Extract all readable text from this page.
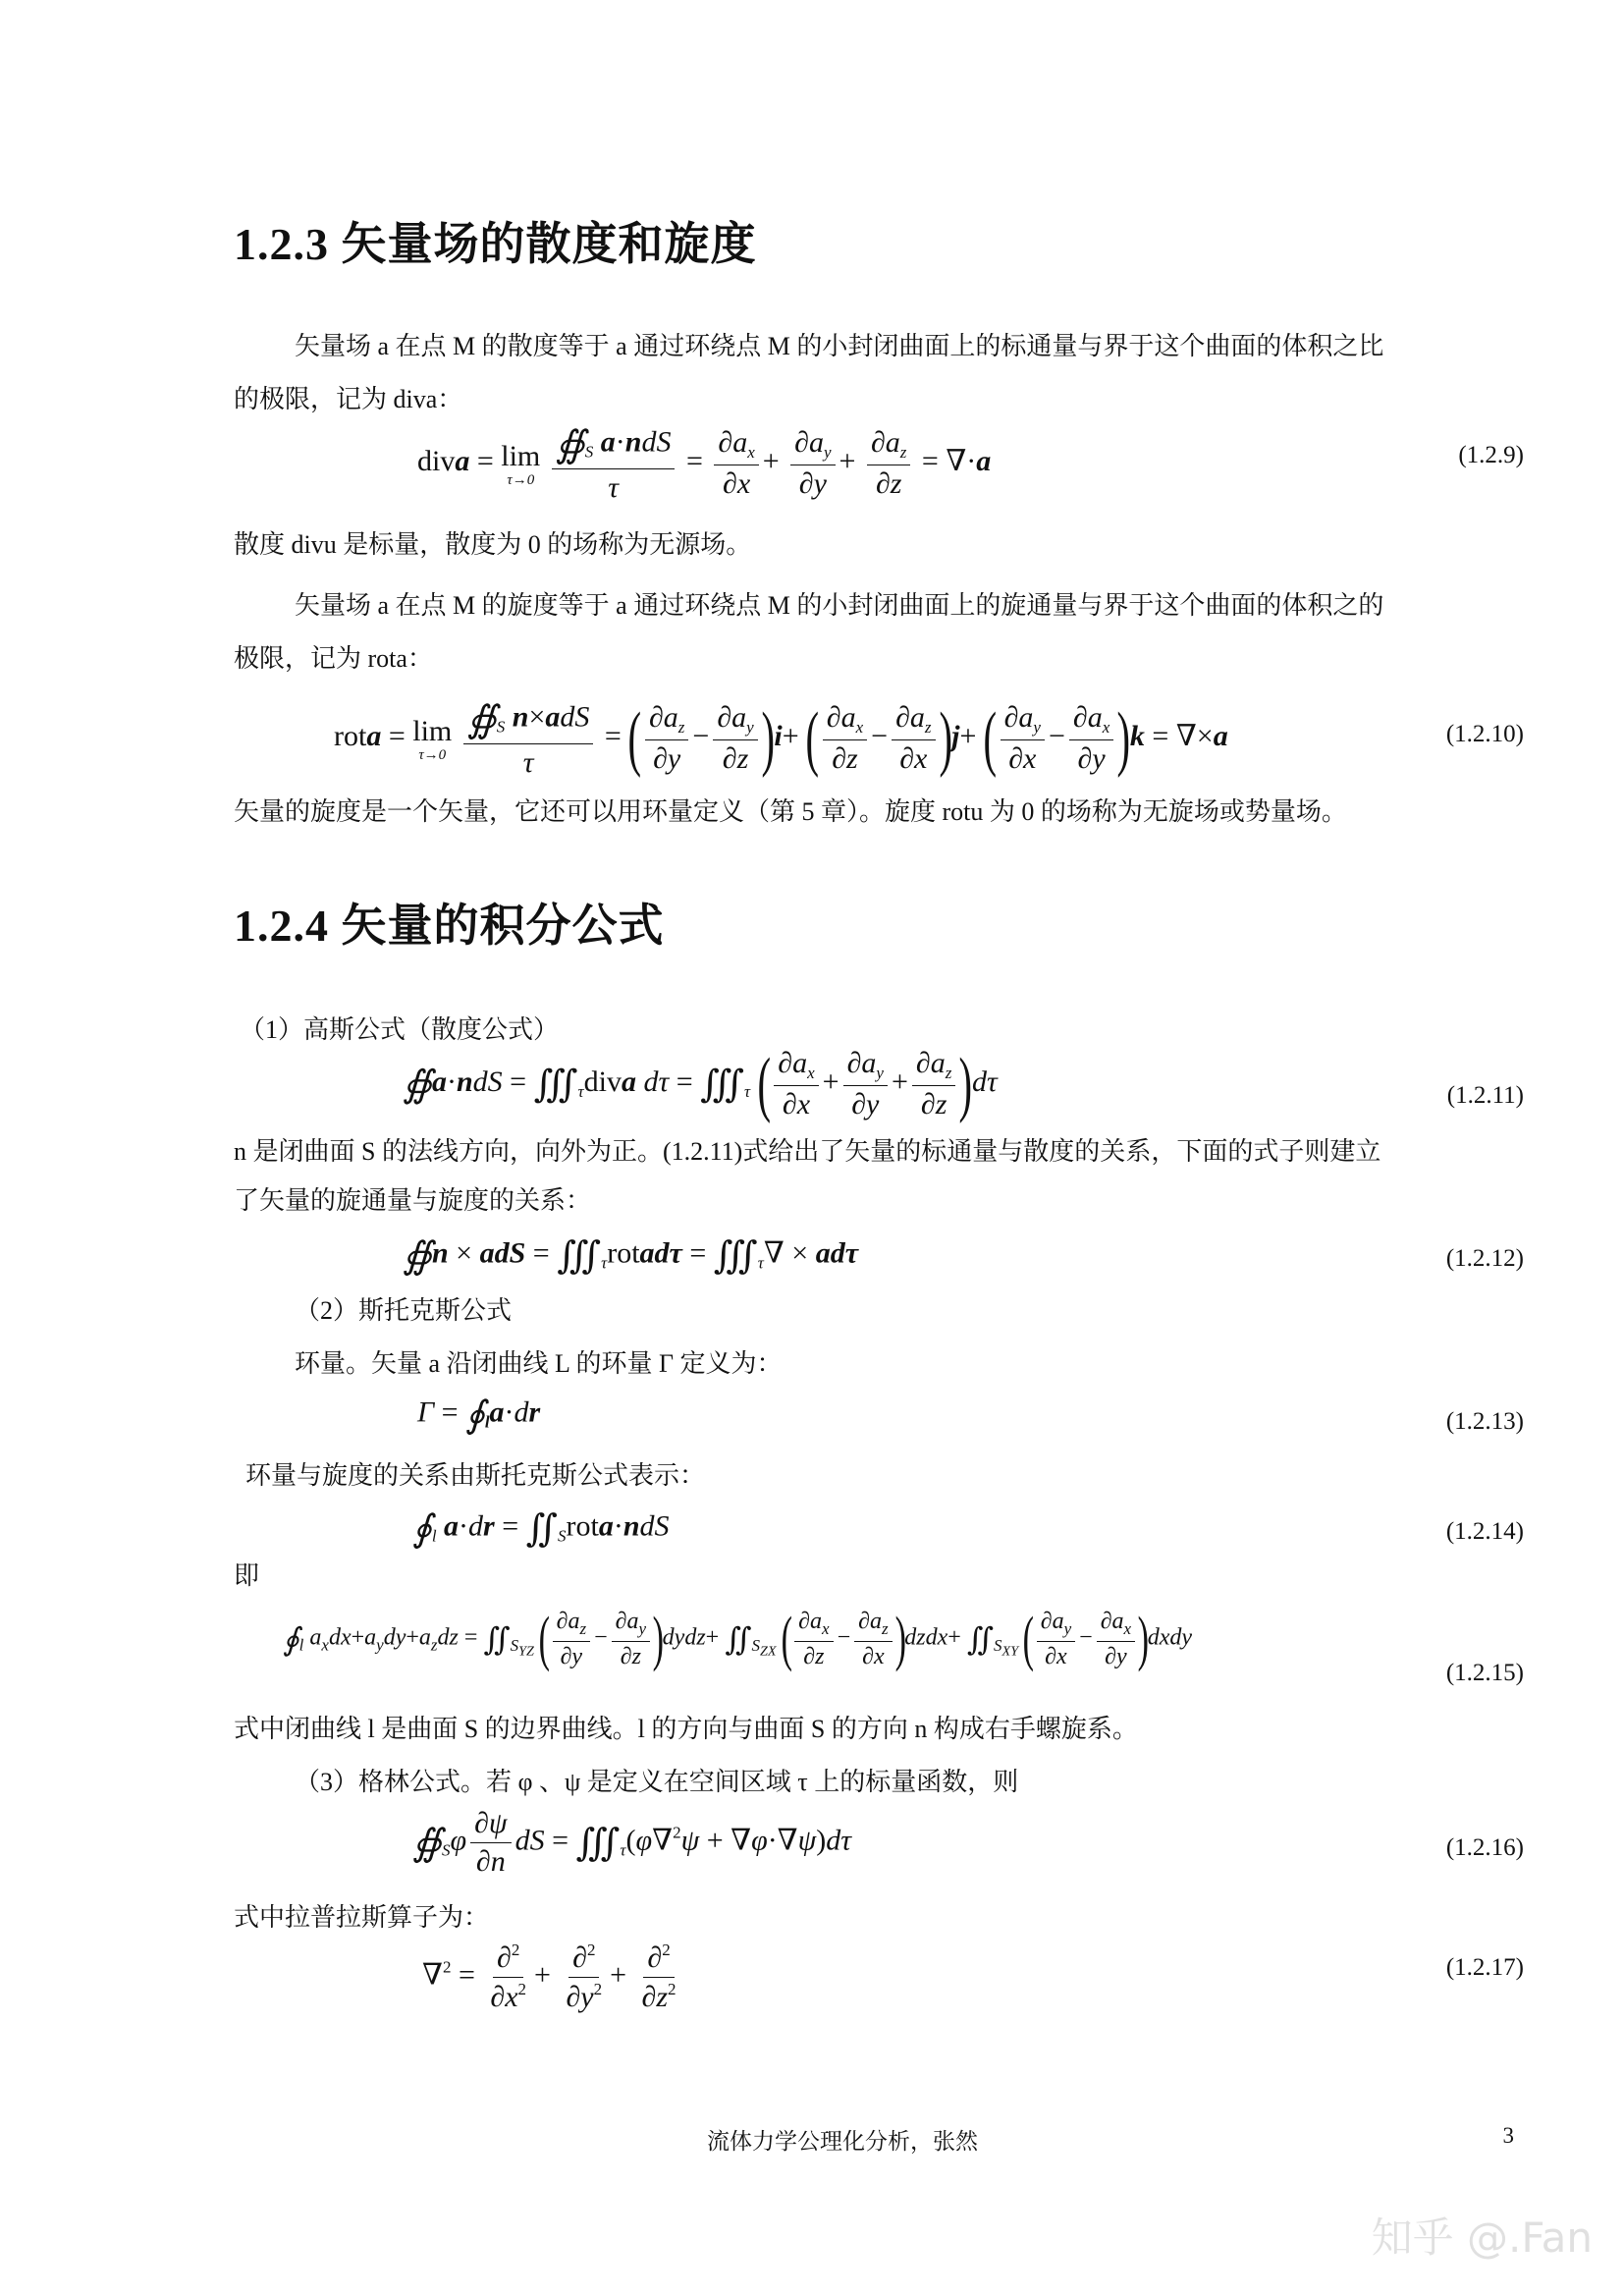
1.2.3 矢量场的散度和旋度
矢量场 a 在点 M 的散度等于 a 通过环绕点 M 的小封闭曲面上的标通量与界于这个曲面的体积之比
的极限，记为 diva：
diva = lim
τ→0
$\frac{∯_S a\cdot ndS}{\tau} = \frac{\partial a_x}{\partial x} + \frac{\partial a_y}{\partial y} + \frac{\partial a_z}{\partial z} = \nabla\cdot a$	(1.2.9)
散度 divu 是标量，散度为 0 的场称为无源场。
矢量场 a 在点 M 的旋度等于 a 通过环绕点 M 的小封闭曲面上的旋通量与界于这个曲面的体积之的
极限，记为 rota：
rota = lim
τ→0
$\frac{∯_S n\times adS}{\tau}$ = ( $\frac{\partial a_z}{\partial y} - \frac{\partial a_y}{\partial z} )i+$ ( $\frac{\partial a_x}{\partial z} - \frac{\partial a_z}{\partial x} )j+$ ( $\frac{\partial a_y}{\partial x} - \frac{\partial a_x}{\partial y} )k = \nabla\times a$	(1.2.10)
矢量的旋度是一个矢量，它还可以用环量定义（第 5 章）。旋度 rotu 为 0 的场称为无旋场或势量场。
1.2.4 矢量的积分公式
（1）高斯公式（散度公式）
∯a·ndS = $∭_\tau diva$ $d\tau = ∭_\tau$ ( $\frac{\partial a_x}{\partial x} + \frac{\partial a_y}{\partial y} + \frac{\partial a_z}{\partial z} )d\tau$	(1.2.11)
n 是闭曲面 S 的法线方向，向外为正。(1.2.11)式给出了矢量的标通量与散度的关系，下面的式子则建立
了矢量的旋通量与旋度的关系：
∯n × adS = $∭_\tau rotad\tau$ = $∭_\tau\nabla \times ad\tau$	(1.2.12)
（2）斯托克斯公式
环量。矢量 a 沿闭曲线 L 的环量 Γ 定义为：
$\Gamma = ∮_la\cdot dr$	(1.2.13)
环量与旋度的关系由斯托克斯公式表示：
$∮_l$ $a\cdot dr = ∬_Srota\cdot ndS$	(1.2.14)
即
$∮_l$ $a_xdx+a_ydy+a_zdz$ = $∬_{S_{YZ}}$ ( $\frac{\partial a_z}{\partial y} - \frac{\partial a_y}{\partial z}$ )dydz+ $∬_{S_{ZX}}$ ( $\frac{\partial a_x}{\partial z} - \frac{\partial a_z}{\partial x}$ )dzdx+ $∬_{S_{XY}}$ ( $\frac{\partial a_y}{\partial x} - \frac{\partial a_x}{\partial y}$ )dxdy
(1.2.15)
式中闭曲线 l 是曲面 S 的边界曲线。l 的方向与曲面 S 的方向 n 构成右手螺旋系。
（3）格林公式。若 φ 、ψ 是定义在空间区域 τ 上的标量函数，则
$∯_S\varphi \frac{\partial\psi}{\partial n}$ dS = $∭_\tau(\varphi\nabla^2\psi + \nabla\varphi\cdot\nabla\psi)d\tau$	(1.2.16)
式中拉普拉斯算子为：
$\nabla^2 = \frac{\partial^2}{\partial x^2} + \frac{\partial^2}{\partial y^2} + \frac{\partial^2}{\partial z^2}$	(1.2.17)
流体力学公理化分析，张然	3
知乎 @.Fan
